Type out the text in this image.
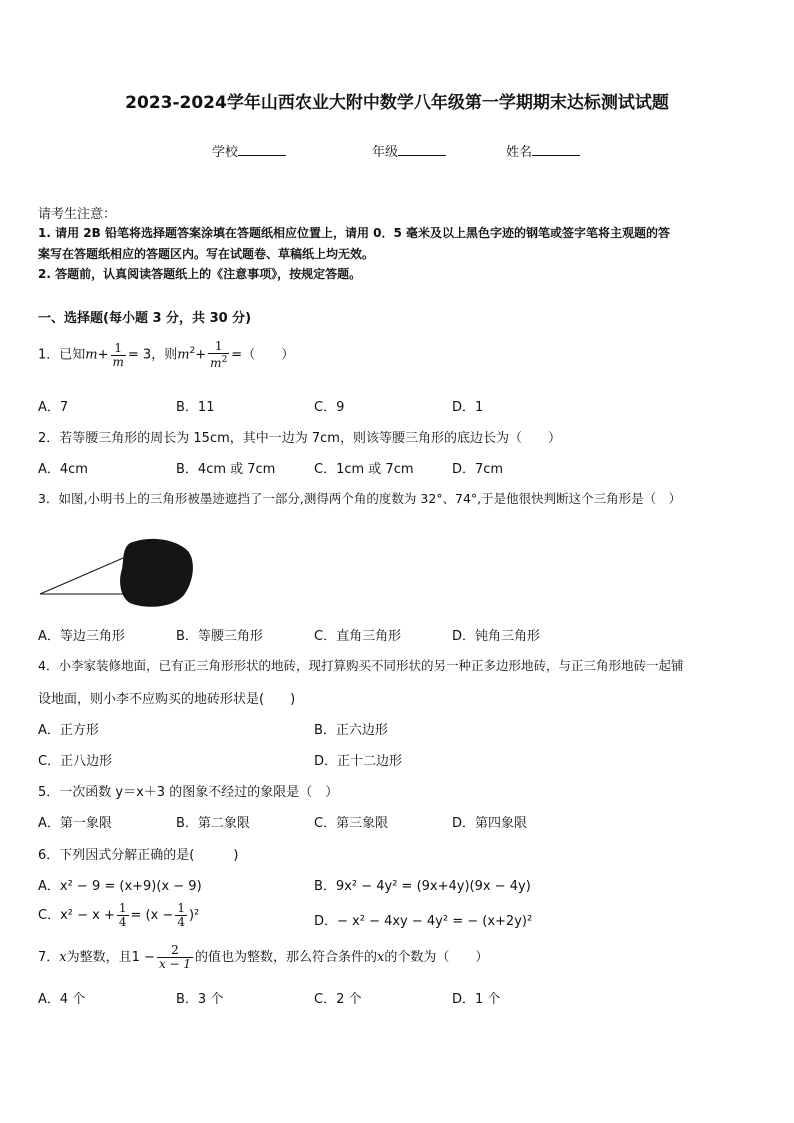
2023-2024学年山西农业大附中数学八年级第一学期期末达标测试试题
学校	年级	姓名
请考生注意：
1. 请用 2B 铅笔将选择题答案涂填在答题纸相应位置上，请用 0．5 毫米及以上黑色字迹的钢笔或签字笔将主观题的答
案写在答题纸相应的答题区内。写在试题卷、草稿纸上均无效。
2. 答题前，认真阅读答题纸上的《注意事项》，按规定答题。
一、选择题(每小题 3 分，共 30 分)
1．已知$m+ \frac{1}{m} = 3$，则$m^2+ \frac{1}{m^2}$ =（　　）
A．7	B．11	C．9	D．1
2．若等腰三角形的周长为 15cm，其中一边为 7cm，则该等腰三角形的底边长为（　　）
A．4cm	B．4cm 或 7cm	C．1cm 或 7cm	D．7cm
3．如图,小明书上的三角形被墨迹遮挡了一部分,测得两个角的度数为 32°、74°,于是他很快判断这个三角形是（　）
A．等边三角形	B．等腰三角形	C．直角三角形	D．钝角三角形
4．小李家装修地面，已有正三角形形状的地砖，现打算购买不同形状的另一种正多边形地砖，与正三角形地砖一起铺
设地面，则小李不应购买的地砖形状是(　　)
A．正方形	B．正六边形
C．正八边形	D．正十二边形
5．一次函数 y＝x＋3 的图象不经过的象限是（　）
A．第一象限	B．第二象限	C．第三象限	D．第四象限
6．下列因式分解正确的是(　　　)
A．x² − 9 = (x+9)(x − 9)	B．9x² − 4y² = (9x+4y)(9x − 4y)
C．$x^2 - x + \frac{1}{4} = (x - \frac{1}{4} )^2$	D．− x² − 4xy − 4y² = − (x+2y)²
7．x为整数，且$1 - \frac{2}{x - 1}$ 的值也为整数，那么符合条件的x的个数为（　　）
A．4 个	B．3 个	C．2 个	D．1 个
